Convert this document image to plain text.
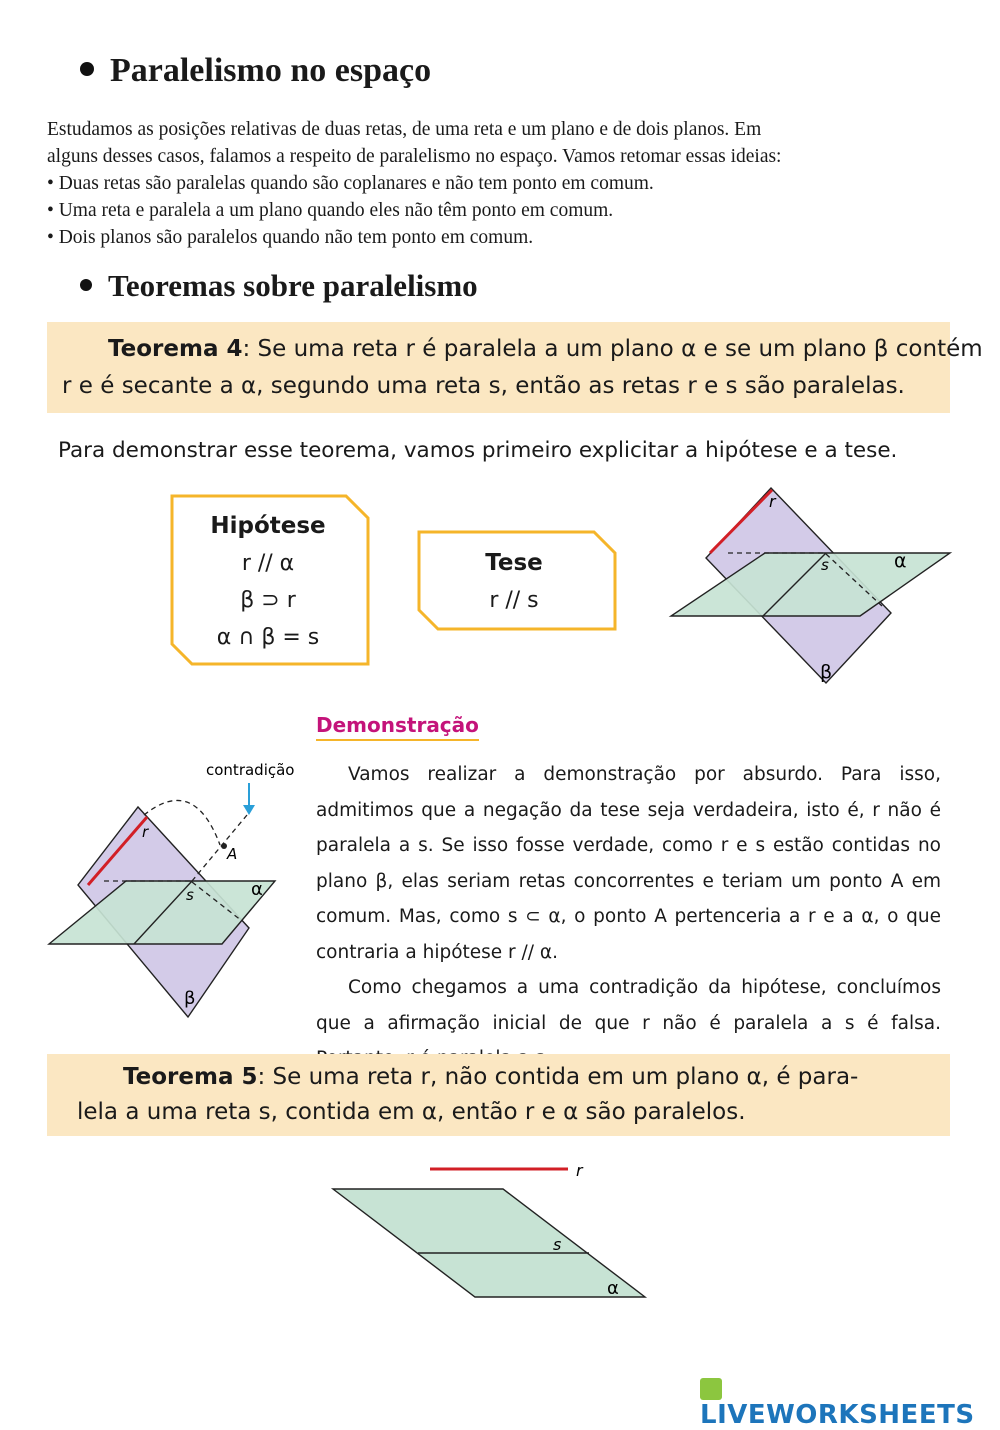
Paralelismo no espaço

Estudamos as posições relativas de duas retas, de uma reta e um plano e de dois planos. Em

alguns desses casos, falamos a respeito de paralelismo no espaço. Vamos retomar essas ideias:

• Duas retas são paralelas quando são coplanares e não tem ponto em comum.

• Uma reta e paralela a um plano quando eles não têm ponto em comum.

• Dois planos são paralelos quando não tem ponto em comum.

Teoremas sobre paralelismo
Teorema 4: Se uma reta r é paralela a um plano α e se um plano β contém
r e é secante a α, segundo uma reta s, então as retas r e s são paralelas.
Para demonstrar esse teorema, vamos primeiro explicitar a hipótese e a tese.
Hipótese
r // α
β ⊃ r
α ∩ β = s
Tese
r // s
r
s	α
β
Demonstração

Vamos realizar a demonstração por absurdo. Para isso, admitimos que a negação da tese seja verdadeira, isto é, r não é paralela a s. Se isso fosse verdade, como r e s estão contidas no plano β, elas seriam retas concorrentes e teriam um ponto A em comum. Mas, como s ⊂ α, o ponto A pertenceria a r e a α, o que contraria a hipótese r // α.

Como chegamos a uma contradição da hipótese, concluímos que a afirmação inicial de que r não é paralela a s é falsa.

contradição
A
r
s	α
β
Teorema 5: Se uma reta r, não contida em um plano α, é para-
lela a uma reta s, contida em α, então r e α são paralelos.
r
s
α
LIVEWORKSHEETS
